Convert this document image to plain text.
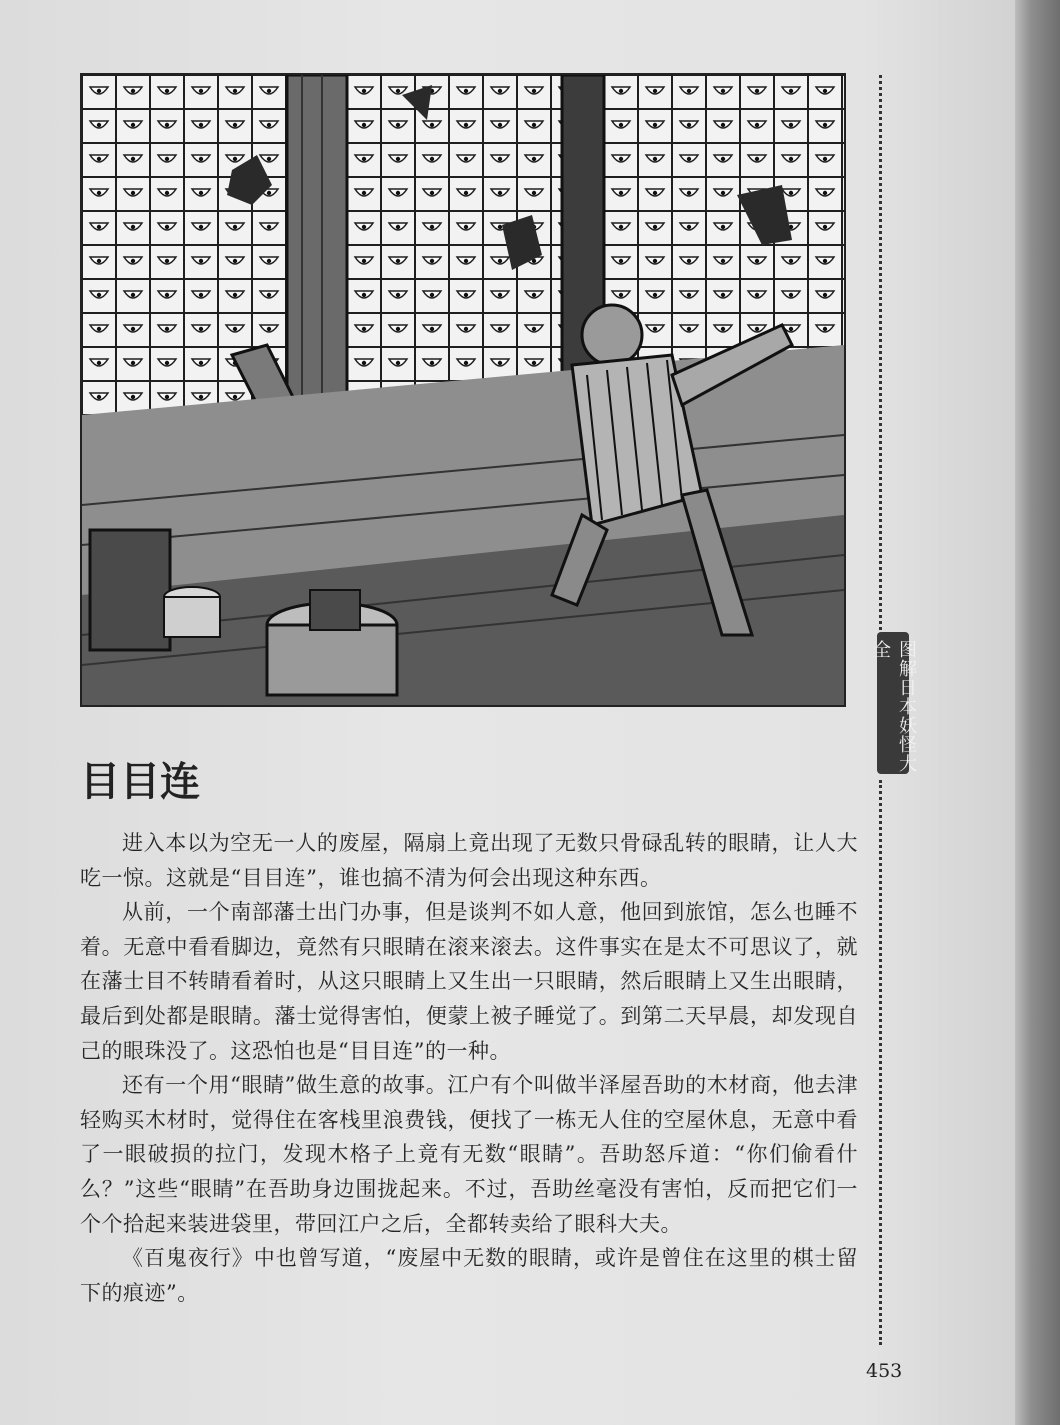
图解日本妖怪大全
目目连

进入本以为空无一人的废屋，隔扇上竟出现了无数只骨碌乱转的眼睛，让人大吃一惊。这就是“目目连”，谁也搞不清为何会出现这种东西。

从前，一个南部藩士出门办事，但是谈判不如人意，他回到旅馆，怎么也睡不着。无意中看看脚边，竟然有只眼睛在滚来滚去。这件事实在是太不可思议了，就在藩士目不转睛看着时，从这只眼睛上又生出一只眼睛，然后眼睛上又生出眼睛，最后到处都是眼睛。藩士觉得害怕，便蒙上被子睡觉了。到第二天早晨，却发现自己的眼珠没了。这恐怕也是“目目连”的一种。

还有一个用“眼睛”做生意的故事。江户有个叫做半泽屋吾助的木材商，他去津轻购买木材时，觉得住在客栈里浪费钱，便找了一栋无人住的空屋休息，无意中看了一眼破损的拉门，发现木格子上竟有无数“眼睛”。吾助怒斥道：“你们偷看什么？”这些“眼睛”在吾助身边围拢起来。不过，吾助丝毫没有害怕，反而把它们一个个拾起来装进袋里，带回江户之后，全都转卖给了眼科大夫。

《百鬼夜行》中也曾写道，“废屋中无数的眼睛，或许是曾住在这里的棋士留下的痕迹”。

453
